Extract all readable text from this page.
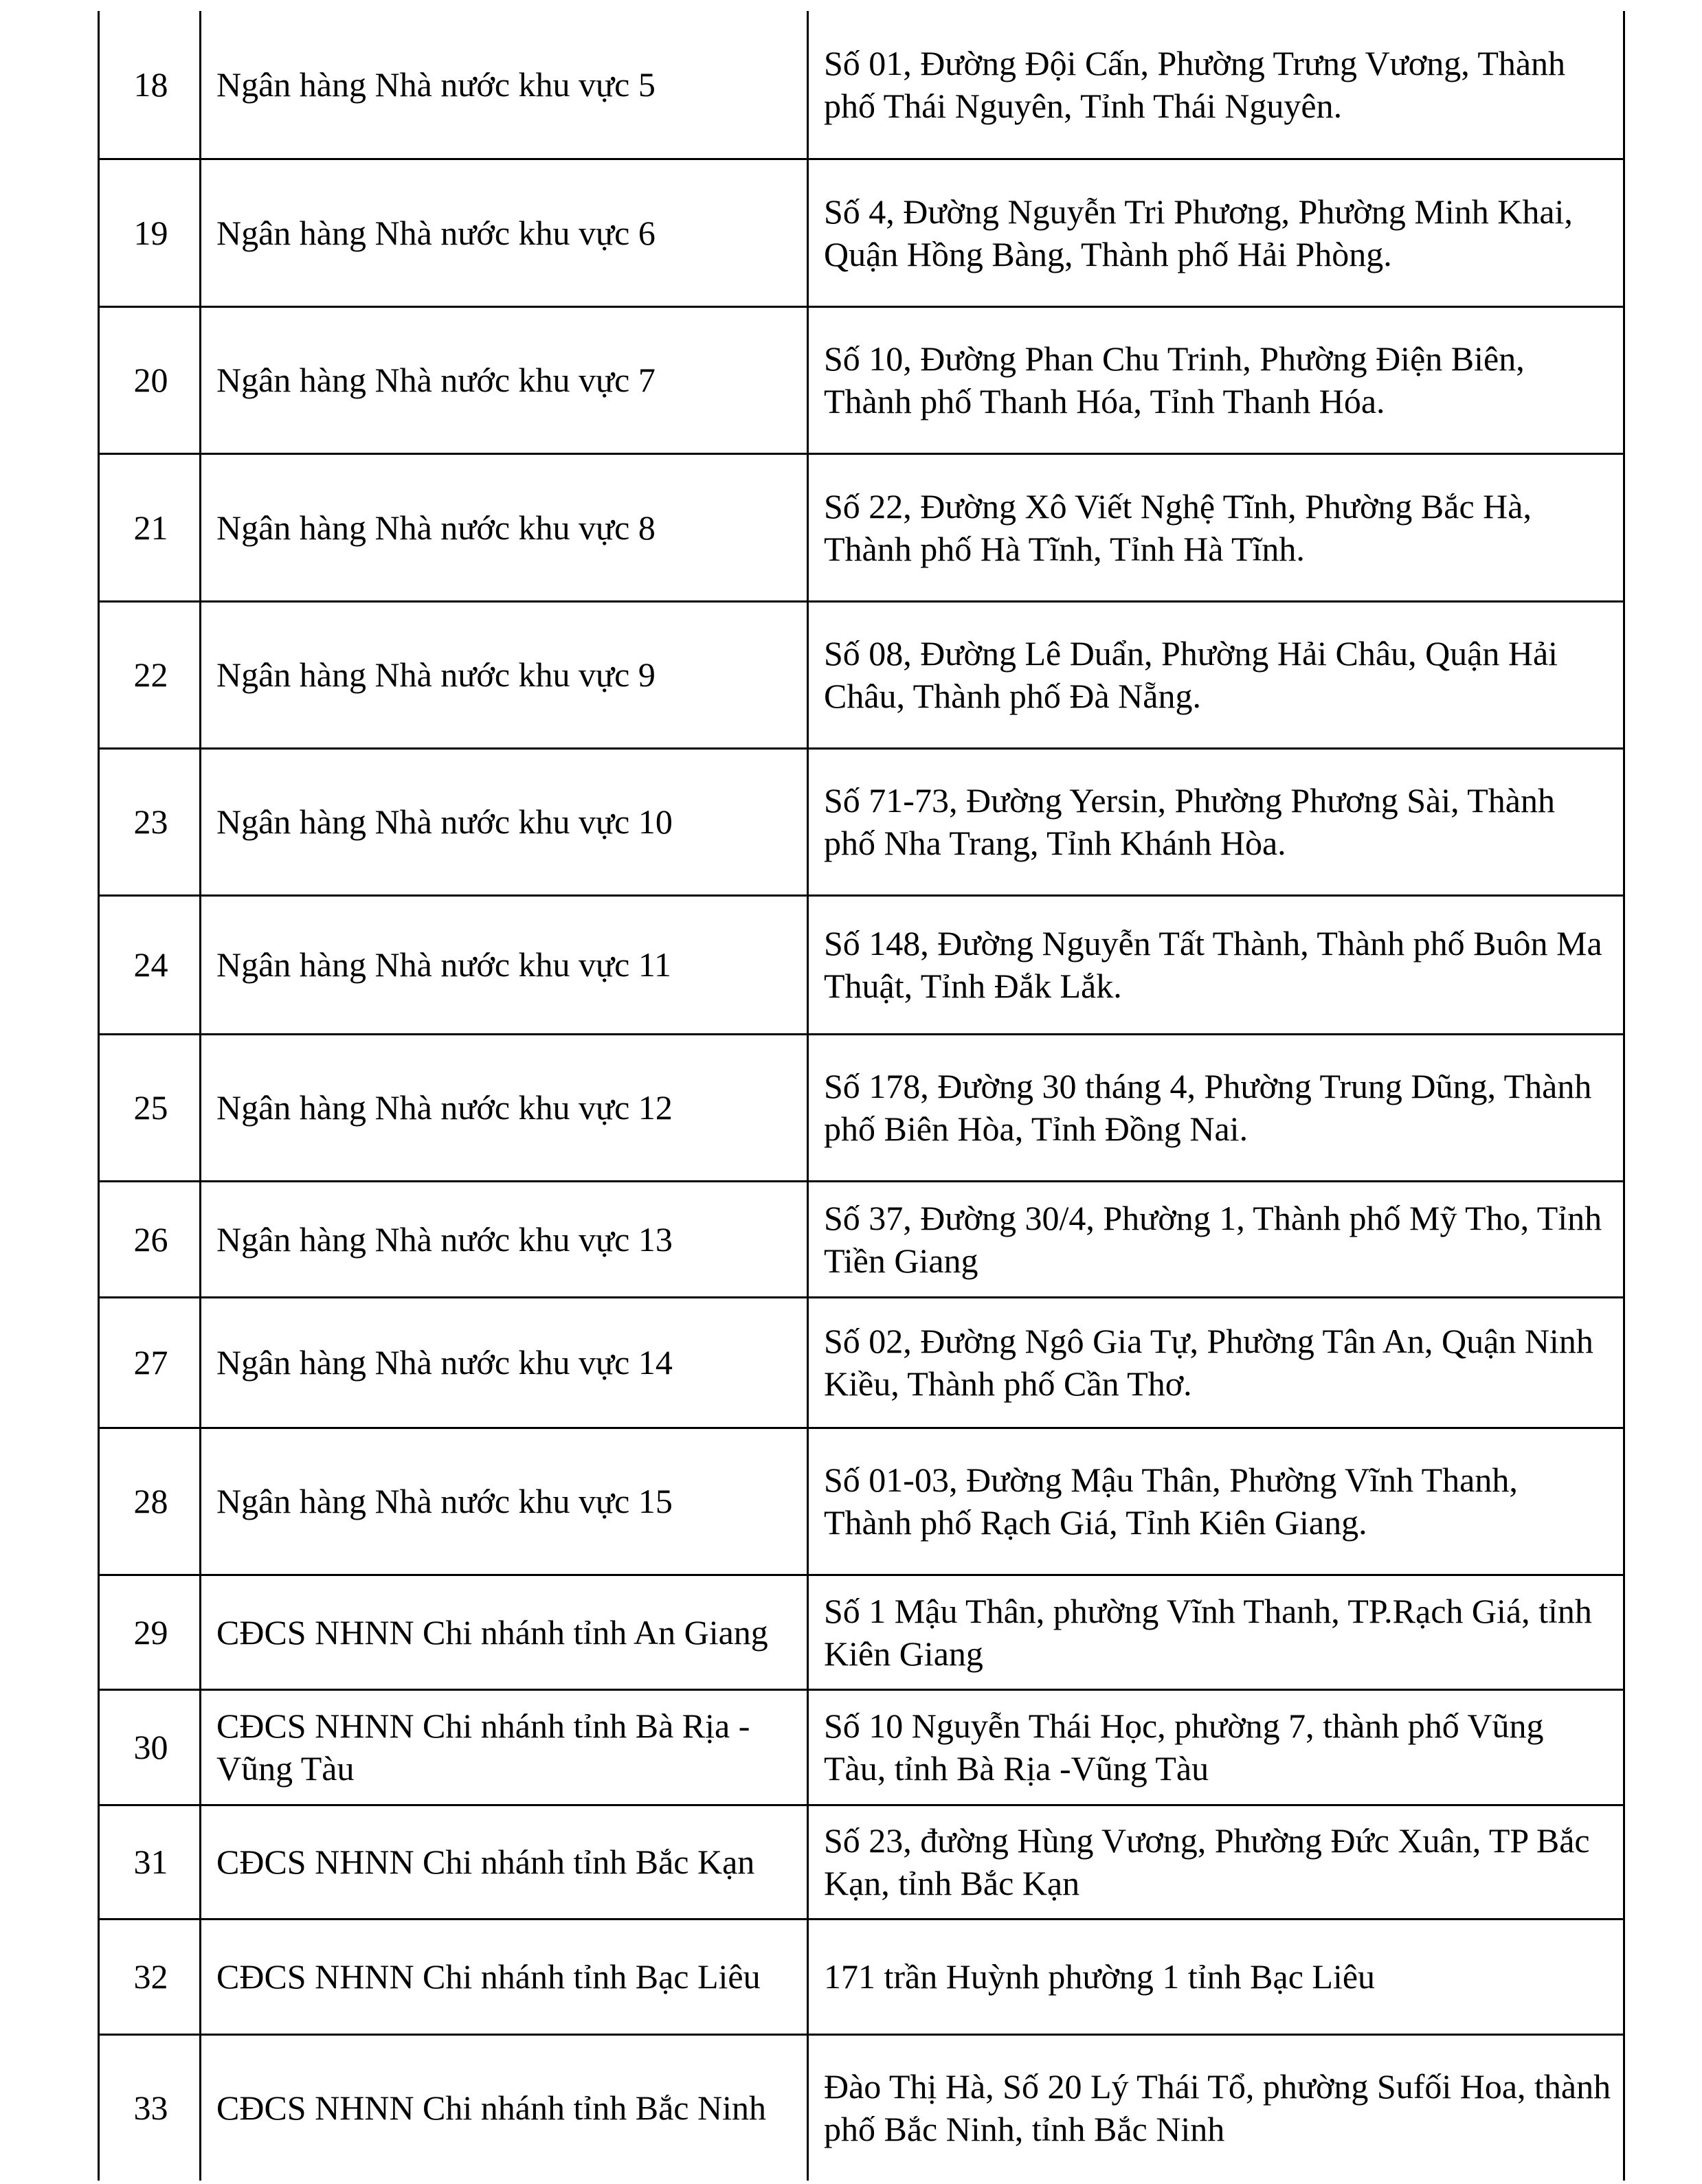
18	Ngân hàng Nhà nước khu vực 5	Số 01, Đường Đội Cấn, Phường Trưng Vương, Thành phố Thái Nguyên, Tỉnh Thái Nguyên.
19	Ngân hàng Nhà nước khu vực 6	Số 4, Đường Nguyễn Tri Phương, Phường Minh Khai, Quận Hồng Bàng, Thành phố Hải Phòng.
20	Ngân hàng Nhà nước khu vực 7	Số 10, Đường Phan Chu Trinh, Phường Điện Biên, Thành phố Thanh Hóa, Tỉnh Thanh Hóa.
21	Ngân hàng Nhà nước khu vực 8	Số 22, Đường Xô Viết Nghệ Tĩnh, Phường Bắc Hà, Thành phố Hà Tĩnh, Tỉnh Hà Tĩnh.
22	Ngân hàng Nhà nước khu vực 9	Số 08, Đường Lê Duẩn, Phường Hải Châu, Quận Hải Châu, Thành phố Đà Nẵng.
23	Ngân hàng Nhà nước khu vực 10	Số 71-73, Đường Yersin, Phường Phương Sài, Thành phố Nha Trang, Tỉnh Khánh Hòa.
24	Ngân hàng Nhà nước khu vực 11	Số 148, Đường Nguyễn Tất Thành, Thành phố Buôn Ma Thuật, Tỉnh Đắk Lắk.
25	Ngân hàng Nhà nước khu vực 12	Số 178, Đường 30 tháng 4, Phường Trung Dũng, Thành phố Biên Hòa, Tỉnh Đồng Nai.
26	Ngân hàng Nhà nước khu vực 13	Số 37, Đường 30/4, Phường 1, Thành phố Mỹ Tho, Tỉnh Tiền Giang
27	Ngân hàng Nhà nước khu vực 14	Số 02, Đường Ngô Gia Tự, Phường Tân An, Quận Ninh Kiều, Thành phố Cần Thơ.
28	Ngân hàng Nhà nước khu vực 15	Số 01-03, Đường Mậu Thân, Phường Vĩnh Thanh, Thành phố Rạch Giá, Tỉnh Kiên Giang.
29	CĐCS NHNN Chi nhánh tỉnh An Giang	Số 1 Mậu Thân, phường Vĩnh Thanh, TP.Rạch Giá, tỉnh Kiên Giang
30	CĐCS NHNN Chi nhánh tỉnh Bà Rịa - Vũng Tàu	Số 10 Nguyễn Thái Học, phường 7, thành phố Vũng Tàu, tỉnh Bà Rịa -Vũng Tàu
31	CĐCS NHNN Chi nhánh tỉnh Bắc Kạn	Số 23, đường Hùng Vương, Phường Đức Xuân, TP Bắc Kạn, tỉnh Bắc Kạn
32	CĐCS NHNN Chi nhánh tỉnh Bạc Liêu	171 trần Huỳnh phường 1 tỉnh Bạc Liêu
33	CĐCS NHNN Chi nhánh tỉnh Bắc Ninh	Đào Thị Hà, Số 20 Lý Thái Tổ, phường Sufối Hoa, thành phố Bắc Ninh, tỉnh Bắc Ninh
